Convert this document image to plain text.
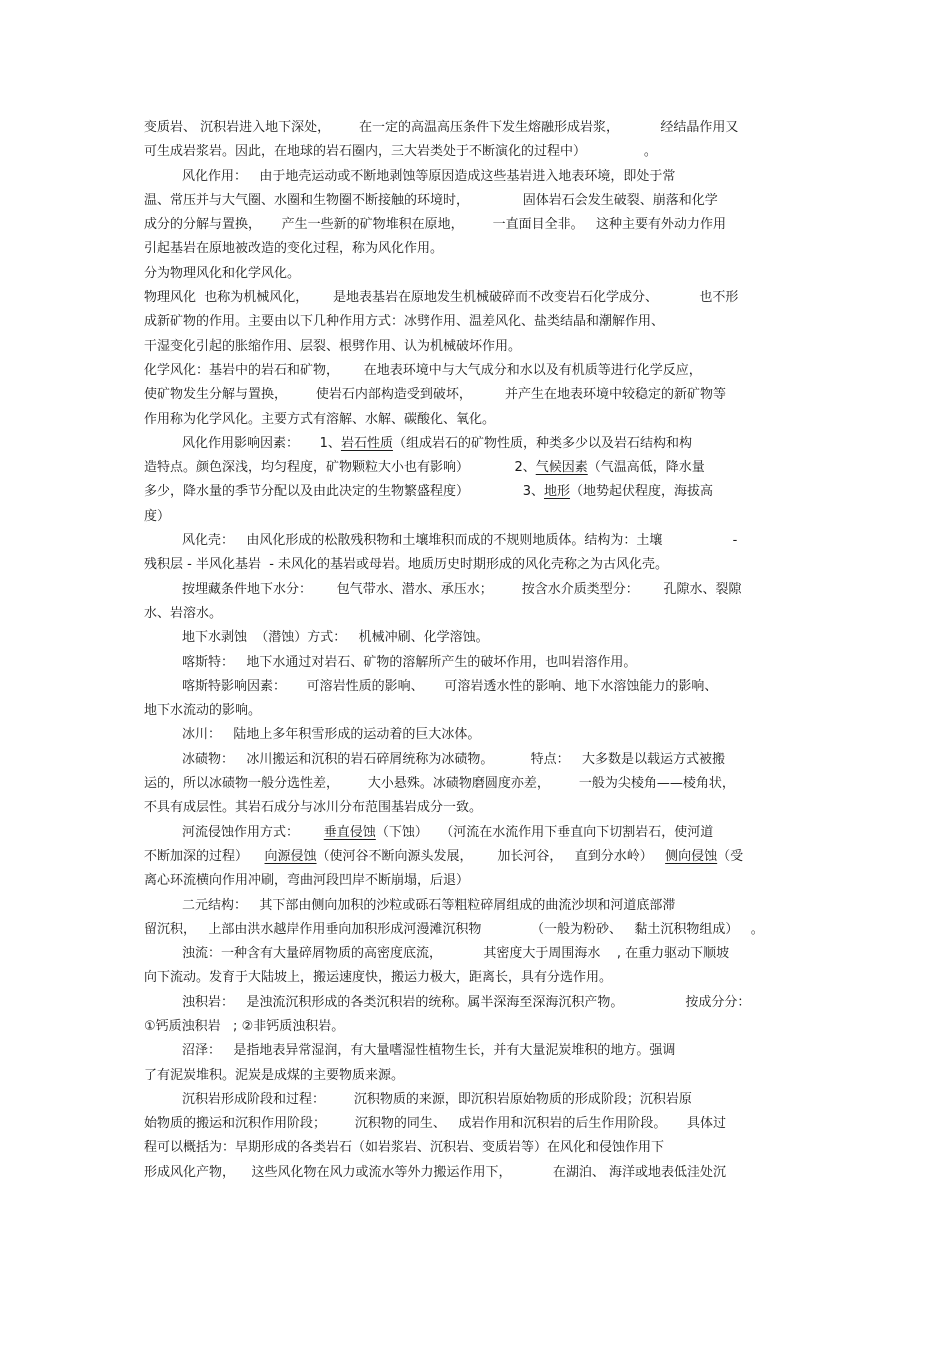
变质岩、 沉积岩进入地下深处，       在一定的高温高压条件下发生熔融形成岩浆，          经结晶作用又
可生成岩浆岩。因此，在地球的岩石圈内，三大岩类处于不断演化的过程中）              。
风化作用：   由于地壳运动或不断地剥蚀等原因造成这些基岩进入地表环境，即处于常
温、常压并与大气圈、水圈和生物圈不断接触的环境时，             固体岩石会发生破裂、崩落和化学
成分的分解与置换，     产生一些新的矿物堆积在原地，       一直面目全非。   这种主要有外动力作用
引起基岩在原地被改造的变化过程，称为风化作用。
分为物理风化和化学风化。
物理风化  也称为机械风化，      是地表基岩在原地发生机械破碎而不改变岩石化学成分、          也不形
成新矿物的作用。主要由以下几种作用方式：冰劈作用、温差风化、盐类结晶和潮解作用、
干湿变化引起的胀缩作用、层裂、根劈作用、认为机械破坏作用。
化学风化：基岩中的岩石和矿物，      在地表环境中与大气成分和水以及有机质等进行化学反应，
使矿物发生分解与置换，       使岩石内部构造受到破坏，        并产生在地表环境中较稳定的新矿物等
作用称为化学风化。主要方式有溶解、水解、碳酸化、氧化。
风化作用影响因素：     1、岩石性质（组成岩石的矿物性质，种类多少以及岩石结构和构
造特点。颜色深浅，均匀程度，矿物颗粒大小也有影响）           2、气候因素（气温高低，降水量
多少，降水量的季节分配以及由此决定的生物繁盛程度）             3、地形（地势起伏程度，海拔高
度）
风化壳：   由风化形成的松散残积物和土壤堆积而成的不规则地质体。结构为：土壤                 -
残积层 - 半风化基岩  - 未风化的基岩或母岩。地质历史时期形成的风化壳称之为古风化壳。
按埋藏条件地下水分：      包气带水、潜水、承压水；       按含水介质类型分：      孔隙水、裂隙
水、岩溶水。
地下水剥蚀  （潜蚀）方式：   机械冲刷、化学溶蚀。
喀斯特：   地下水通过对岩石、矿物的溶解所产生的破坏作用，也叫岩溶作用。
喀斯特影响因素：     可溶岩性质的影响、     可溶岩透水性的影响、地下水溶蚀能力的影响、
地下水流动的影响。
冰川：   陆地上多年积雪形成的运动着的巨大冰体。
冰碛物：   冰川搬运和沉积的岩石碎屑统称为冰碛物。         特点：   大多数是以载运方式被搬
运的，所以冰碛物一般分选性差，       大小悬殊。冰碛物磨圆度亦差，       一般为尖棱角——棱角状，
不具有成层性。其岩石成分与冰川分布范围基岩成分一致。
河流侵蚀作用方式：      垂直侵蚀（下蚀）   （河流在水流作用下垂直向下切割岩石，使河道
不断加深的过程）    向源侵蚀（使河谷不断向源头发展，      加长河谷，   直到分水岭）   侧向侵蚀（受
离心环流横向作用冲刷，弯曲河段凹岸不断崩塌，后退）
二元结构：   其下部由侧向加积的沙粒或砾石等粗粒碎屑组成的曲流沙坝和河道底部滞
留沉积，   上部由洪水越岸作用垂向加积形成河漫滩沉积物            （一般为粉砂、   黏土沉积物组成）   。
浊流：一种含有大量碎屑物质的高密度底流，          其密度大于周围海水    , 在重力驱动下顺坡
向下流动。发育于大陆坡上，搬运速度快，搬运力极大，距离长，具有分选作用。
浊积岩：   是浊流沉积形成的各类沉积岩的统称。属半深海至深海沉积产物。               按成分分：
①钙质浊积岩   ; ②非钙质浊积岩。
沼泽：   是指地表异常湿润，有大量嗜湿性植物生长，并有大量泥炭堆积的地方。强调
了有泥炭堆积。泥炭是成煤的主要物质来源。
沉积岩形成阶段和过程：       沉积物质的来源，即沉积岩原始物质的形成阶段；沉积岩原
始物质的搬运和沉积作用阶段；       沉积物的同生、   成岩作用和沉积岩的后生作用阶段。     具体过
程可以概括为：早期形成的各类岩石（如岩浆岩、沉积岩、变质岩等）在风化和侵蚀作用下
形成风化产物，    这些风化物在风力或流水等外力搬运作用下，          在湖泊、 海洋或地表低洼处沉
